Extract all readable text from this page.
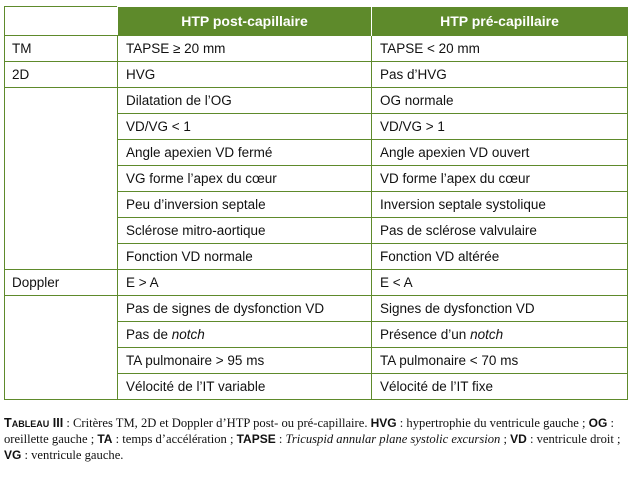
	HTP post-capillaire	HTP pré-capillaire
TM	TAPSE ≥ 20 mm	TAPSE < 20 mm
2D	HVG	Pas d’HVG
	Dilatation de l’OG	OG normale
	VD/VG < 1	VD/VG > 1
	Angle apexien VD fermé	Angle apexien VD ouvert
	VG forme l’apex du cœur	VD forme l’apex du cœur
	Peu d’inversion septale	Inversion septale systolique
	Sclérose mitro-aortique	Pas de sclérose valvulaire
	Fonction VD normale	Fonction VD altérée
Doppler	E > A	E < A
	Pas de signes de dysfonction VD	Signes de dysfonction VD
	Pas de notch	Présence d’un notch
	TA pulmonaire > 95 ms	TA pulmonaire < 70 ms
	Vélocité de l’IT variable	Vélocité de l’IT fixe
Tableau III : Critères TM, 2D et Doppler d’HTP post- ou pré-capillaire. HVG : hypertrophie du ventricule gauche ; OG : oreillette gauche ; TA : temps d’accélération ; TAPSE : Tricuspid annular plane systolic excursion ; VD : ventricule droit ; VG : ventricule gauche.
